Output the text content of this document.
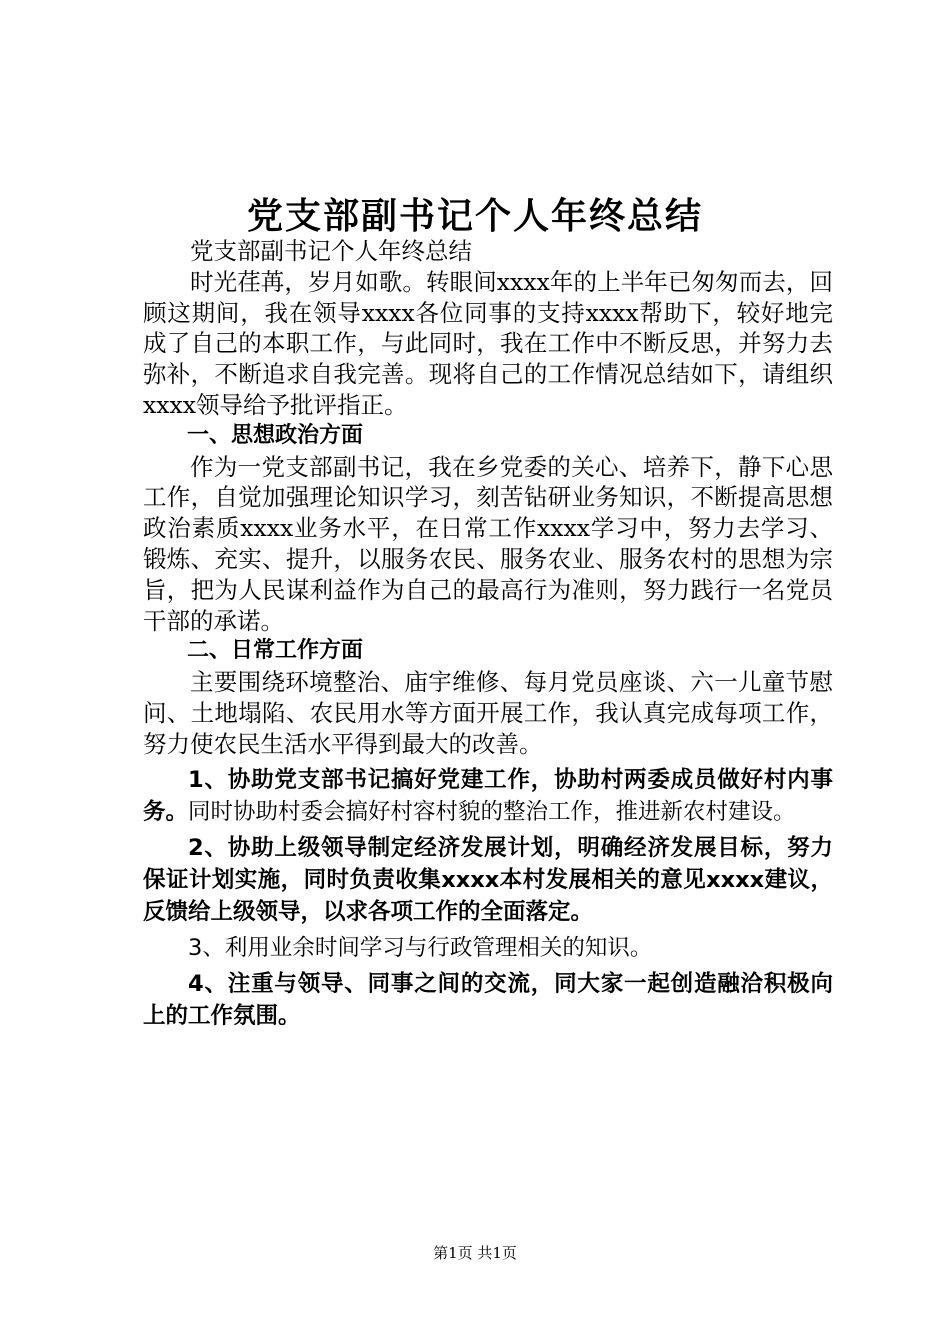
党支部副书记个人年终总结

党支部副书记个人年终总结

时光荏苒，岁月如歌。转眼间xxxx年的上半年已匆匆而去，回顾这期间，我在领导xxxx各位同事的支持xxxx帮助下，较好地完成了自己的本职工作，与此同时，我在工作中不断反思，并努力去弥补，不断追求自我完善。现将自己的工作情况总结如下，请组织xxxx领导给予批评指正。

一、思想政治方面

作为一党支部副书记，我在乡党委的关心、培养下，静下心思工作，自觉加强理论知识学习，刻苦钻研业务知识，不断提高思想政治素质xxxx业务水平，在日常工作xxxx学习中，努力去学习、锻炼、充实、提升，以服务农民、服务农业、服务农村的思想为宗旨，把为人民谋利益作为自己的最高行为准则，努力践行一名党员干部的承诺。

二、日常工作方面

主要围绕环境整治、庙宇维修、每月党员座谈、六一儿童节慰问、土地塌陷、农民用水等方面开展工作，我认真完成每项工作，努力使农民生活水平得到最大的改善。

1、协助党支部书记搞好党建工作，协助村两委成员做好村内事务。同时协助村委会搞好村容村貌的整治工作，推进新农村建设。

2、协助上级领导制定经济发展计划，明确经济发展目标，努力保证计划实施，同时负责收集xxxx本村发展相关的意见xxxx建议，反馈给上级领导，以求各项工作的全面落定。

3、利用业余时间学习与行政管理相关的知识。

4、注重与领导、同事之间的交流，同大家一起创造融洽积极向上的工作氛围。

第1页 共1页
